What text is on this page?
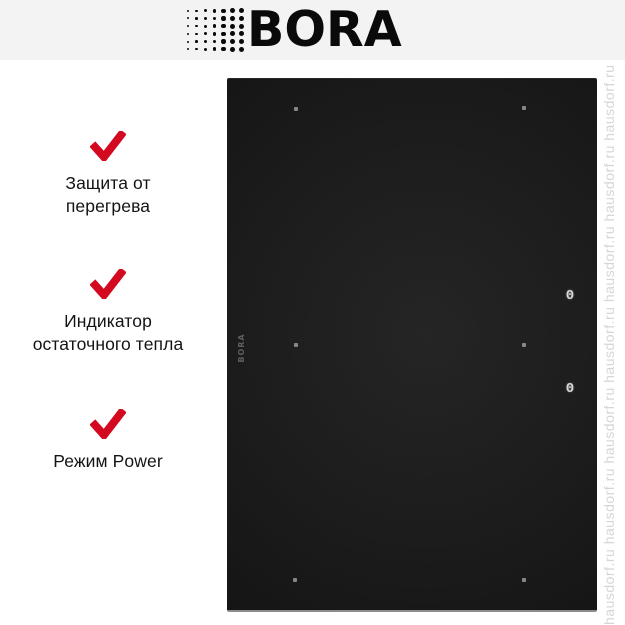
BORA
Защита от
перегрева
Индикатор
остаточного тепла
Режим Power
0
0
BORA	hausdorf.ru hausdorf.ru hausdorf.ru hausdorf.ru hausdorf.ru hausdorf.ru hausdorf.ru
